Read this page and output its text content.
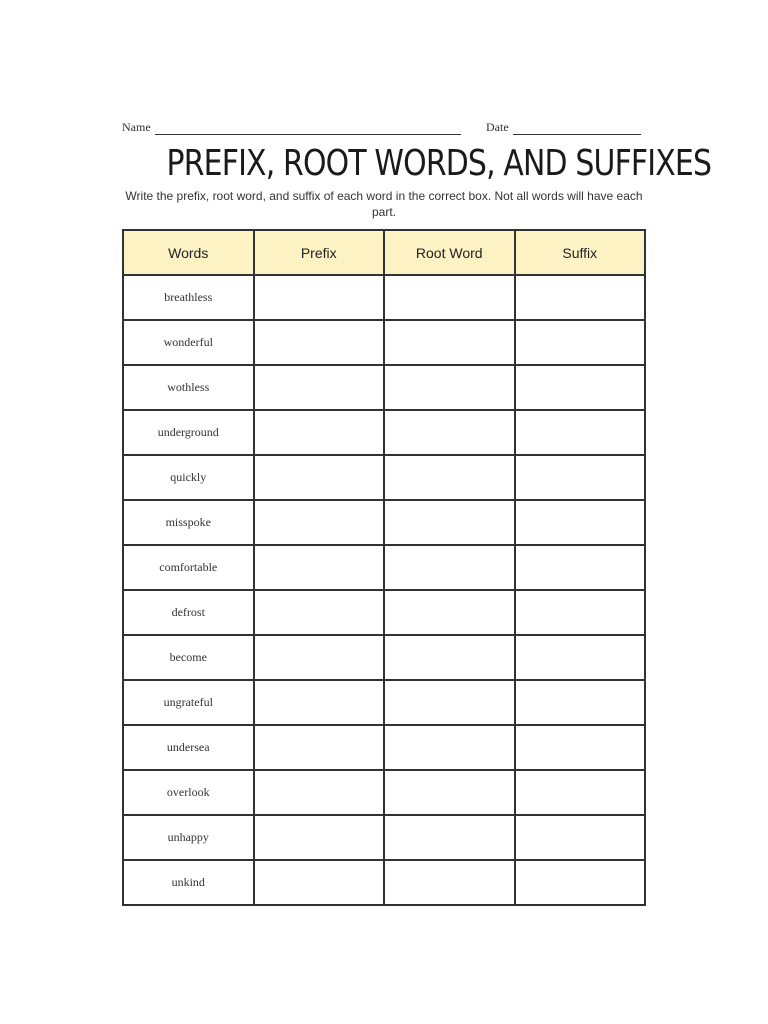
Name	Date
PREFIX, ROOT WORDS, AND SUFFIXES
Write the prefix, root word, and suffix of each word in the correct box. Not all words will have each part.
Words	Prefix	Root Word	Suffix
breathless			
wonderful			
wothless			
underground			
quickly			
misspoke			
comfortable			
defrost			
become			
ungrateful			
undersea			
overlook			
unhappy			
unkind			
